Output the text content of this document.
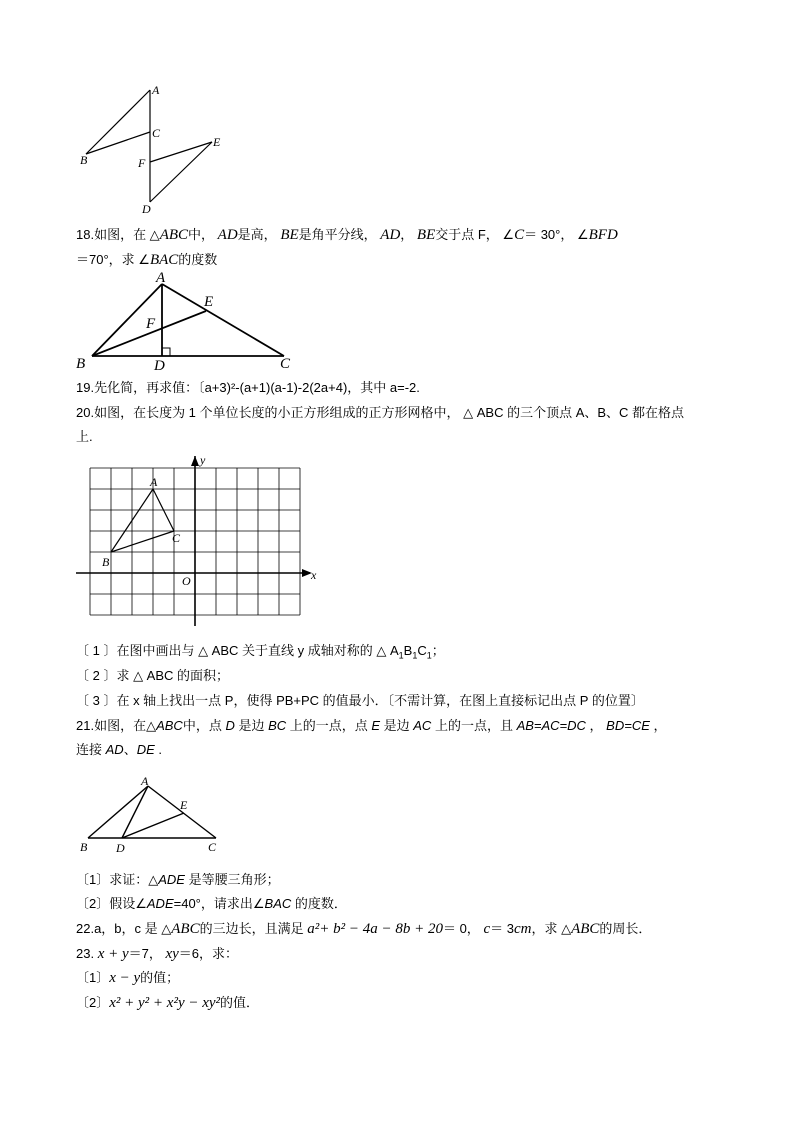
A
B
C
D
E
F
18.如图，在 △ABC中， AD是高， BE是角平分线， AD， BE交于点 F， ∠C＝ 30°， ∠BFD
＝70°，求 ∠BAC的度数
A
B	C
D
E
F
19.先化简，再求值：〔a+3)²-(a+1)(a-1)-2(2a+4)，其中 a=-2.
20.如图，在长度为 1 个单位长度的小正方形组成的正方形网格中， △ ABC 的三个顶点 A、B、C 都在格点
上.
A
B
C
O	x
y
〔 1 〕在图中画出与 △ ABC 关于直线 y 成轴对称的 △ $A_1B_1C_1$；
〔 2 〕求 △ ABC 的面积；
〔 3 〕在 x 轴上找出一点 P，使得 PB+PC 的值最小．〔不需计算，在图上直接标记出点 P 的位置〕
21.如图，在△ABC中，点 D 是边 BC 上的一点，点 E 是边 AC 上的一点，且 AB=AC=DC ， BD=CE ，
连接 AD、DE .
A
B	C
D
E
〔1〕求证：△ADE 是等腰三角形；
〔2〕假设∠ADE=40°，请求出∠BAC 的度数．
22.a，b，c 是 △ABC的三边长，且满足 a²+ b² − 4a − 8b + 20＝ 0， c＝ 3cm，求 △ABC的周长．
23. x + y＝7， xy＝6，求：
〔1〕x − y的值；
〔2〕x² + y² + x²y − xy²的值．
